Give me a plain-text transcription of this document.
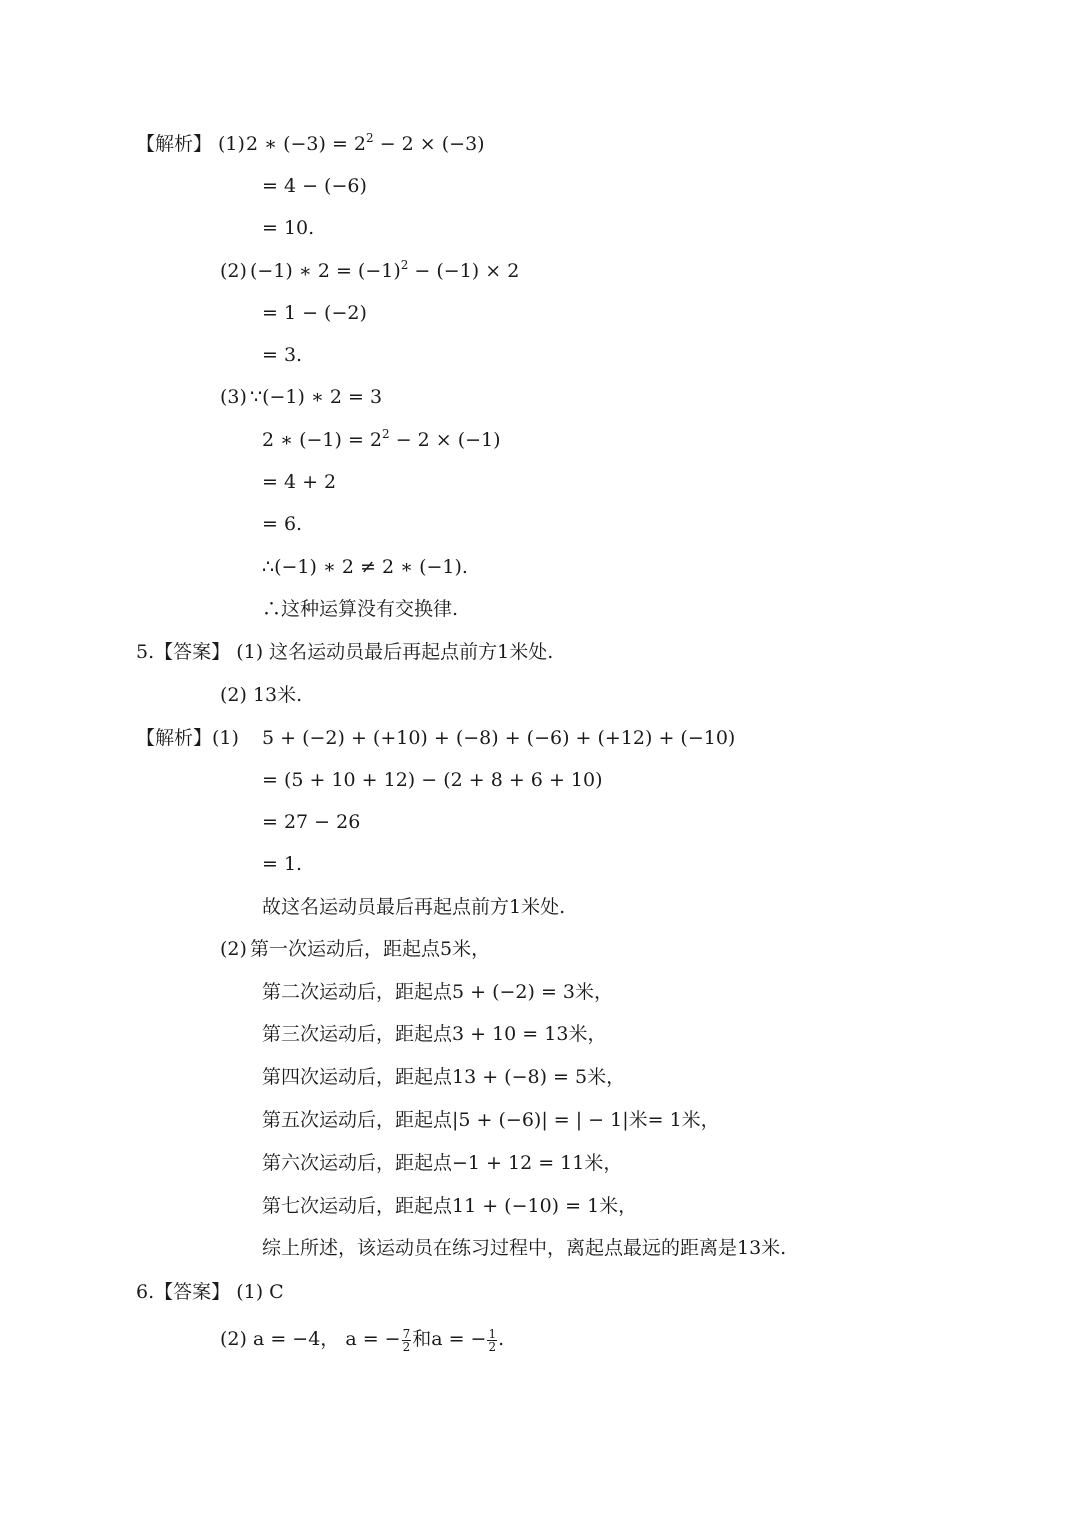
【解析】 (1) 2 ∗ $(-3) = 2^2 - 2 \times (-3)$
= 4 − (−6)
= 10.
(2) (−1) ∗ $2 = (-1)^2 - (-1) \times 2$
= 1 − (−2)
= 3.
(3) ∵(−1) ∗ 2 = 3
2 ∗ $(-1) = 2^2 - 2 \times (-1)$
= 4 + 2
= 6.
∴(−1) ∗ 2 ≠ 2 ∗ (−1).
∴这种运算没有交换律.
5.【答案】 (1) 这名运动员最后再起点前方1米处.
(2) 13米.
【解析】(1) 5 + (−2) + (+10) + (−8) + (−6) + (+12) + (−10)
= (5 + 10 + 12) − (2 + 8 + 6 + 10)
= 27 − 26
= 1.
故这名运动员最后再起点前方1米处.
(2) 第一次运动后，距起点5米，
第二次运动后，距起点5 + (−2) = 3米，
第三次运动后，距起点3 + 10 = 13米，
第四次运动后，距起点13 + (−8) = 5米，
第五次运动后，距起点|5 + (−6)| = | − 1|米= 1米，
第六次运动后，距起点−1 + 12 = 11米，
第七次运动后，距起点11 + (−10) = 1米，
综上所述，该运动员在练习过程中，离起点最远的距离是13米.
6.【答案】 (1) C
(2) a = −4， a = − $\frac{7}{2}$ 和a = − $\frac{1}{2}$ .
